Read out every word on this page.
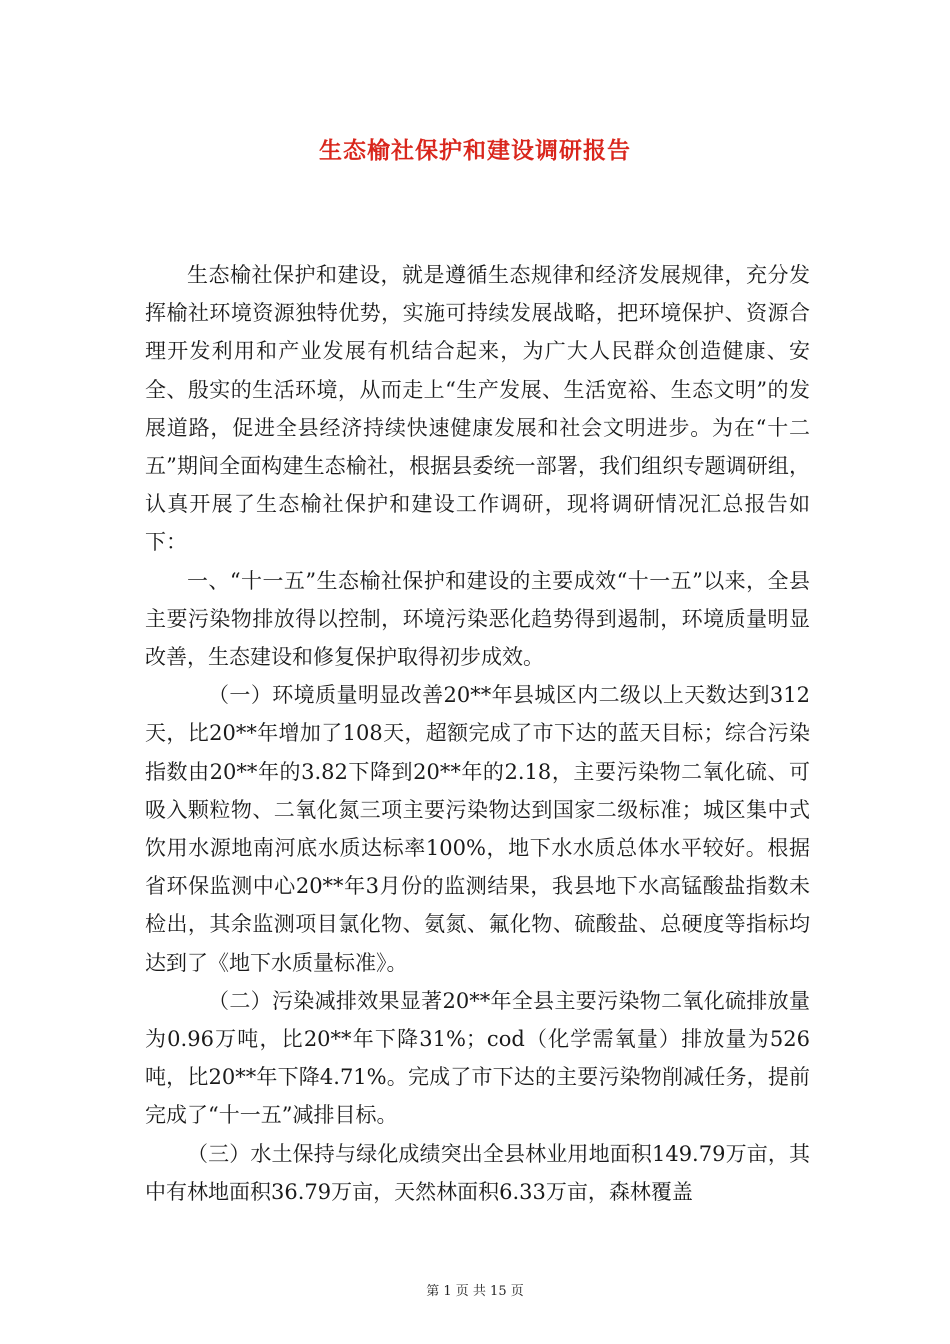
生态榆社保护和建设调研报告

生态榆社保护和建设，就是遵循生态规律和经济发展规律，充分发挥榆社环境资源独特优势，实施可持续发展战略，把环境保护、资源合理开发利用和产业发展有机结合起来，为广大人民群众创造健康、安全、殷实的生活环境，从而走上“生产发展、生活宽裕、生态文明”的发展道路，促进全县经济持续快速健康发展和社会文明进步。为在“十二五”期间全面构建生态榆社，根据县委统一部署，我们组织专题调研组，认真开展了生态榆社保护和建设工作调研，现将调研情况汇总报告如下：

一、“十一五”生态榆社保护和建设的主要成效“十一五”以来，全县主要污染物排放得以控制，环境污染恶化趋势得到遏制，环境质量明显改善，生态建设和修复保护取得初步成效。

（一）环境质量明显改善20**年县城区内二级以上天数达到312天，比20**年增加了108天，超额完成了市下达的蓝天目标；综合污染指数由20**年的3.82下降到20**年的2.18，主要污染物二氧化硫、可吸入颗粒物、二氧化氮三项主要污染物达到国家二级标准；城区集中式饮用水源地南河底水质达标率100%，地下水水质总体水平较好。根据省环保监测中心20**年3月份的监测结果，我县地下水高锰酸盐指数未检出，其余监测项目氯化物、氨氮、氟化物、硫酸盐、总硬度等指标均达到了《地下水质量标准》。

（二）污染减排效果显著20**年全县主要污染物二氧化硫排放量为0.96万吨，比20**年下降31%；cod（化学需氧量）排放量为526吨，比20**年下降4.71%。完成了市下达的主要污染物削减任务，提前完成了“十一五”减排目标。

（三）水土保持与绿化成绩突出全县林业用地面积149.79万亩，其中有林地面积36.79万亩，天然林面积6.33万亩，森林覆盖

第 1 页 共 15 页
